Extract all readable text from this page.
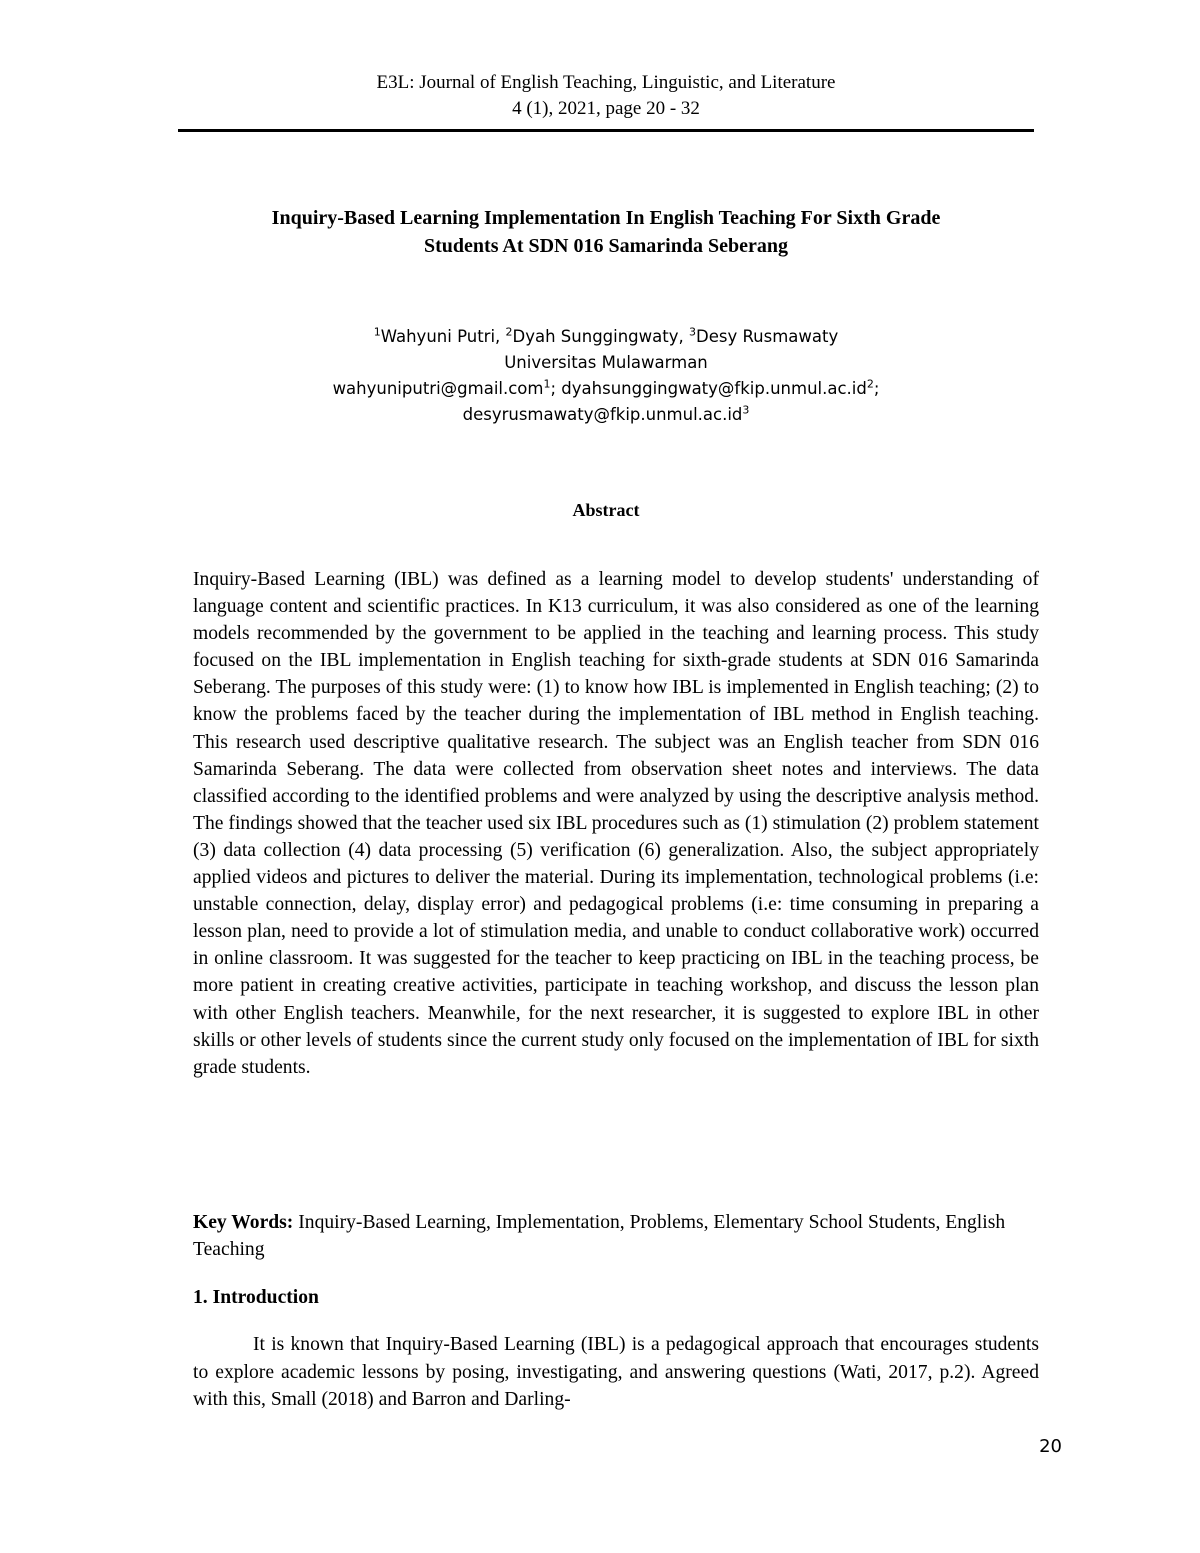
E3L: Journal of English Teaching, Linguistic, and Literature
4 (1), 2021, page 20 - 32
Inquiry-Based Learning Implementation In English Teaching For Sixth Grade
Students At SDN 016 Samarinda Seberang
$^1$Wahyuni Putri, $^2$Dyah Sunggingwaty, $^3$Desy Rusmawaty
Universitas Mulawarman
wahyuniputri@gmail.com$^1$; $dyahsunggingwaty@fkip.unmul.ac.id^2$;
$desyrusmawaty@fkip.unmul.ac.id^3$
Abstract
Inquiry-Based Learning (IBL) was defined as a learning model to develop students' understanding of language content and scientific practices. In K13 curriculum, it was also considered as one of the learning models recommended by the government to be applied in the teaching and learning process. This study focused on the IBL implementation in English teaching for sixth-grade students at SDN 016 Samarinda Seberang. The purposes of this study were: (1) to know how IBL is implemented in English teaching; (2) to know the problems faced by the teacher during the implementation of IBL method in English teaching. This research used descriptive qualitative research. The subject was an English teacher from SDN 016 Samarinda Seberang. The data were collected from observation sheet notes and interviews. The data classified according to the identified problems and were analyzed by using the descriptive analysis method. The findings showed that the teacher used six IBL procedures such as (1) stimulation (2) problem statement (3) data collection (4) data processing (5) verification (6) generalization. Also, the subject appropriately applied videos and pictures to deliver the material. During its implementation, technological problems (i.e: unstable connection, delay, display error) and pedagogical problems (i.e: time consuming in preparing a lesson plan, need to provide a lot of stimulation media, and unable to conduct collaborative work) occurred in online classroom. It was suggested for the teacher to keep practicing on IBL in the teaching process, be more patient in creating creative activities, participate in teaching workshop, and discuss the lesson plan with other English teachers. Meanwhile, for the next researcher, it is suggested to explore IBL in other skills or other levels of students since the current study only focused on the implementation of IBL for sixth grade students.
Key Words: Inquiry-Based Learning, Implementation, Problems, Elementary School Students, English Teaching
1. Introduction
It is known that Inquiry-Based Learning (IBL) is a pedagogical approach that encourages students to explore academic lessons by posing, investigating, and answering questions (Wati, 2017, p.2). Agreed with this, Small (2018) and Barron and Darling-
20
